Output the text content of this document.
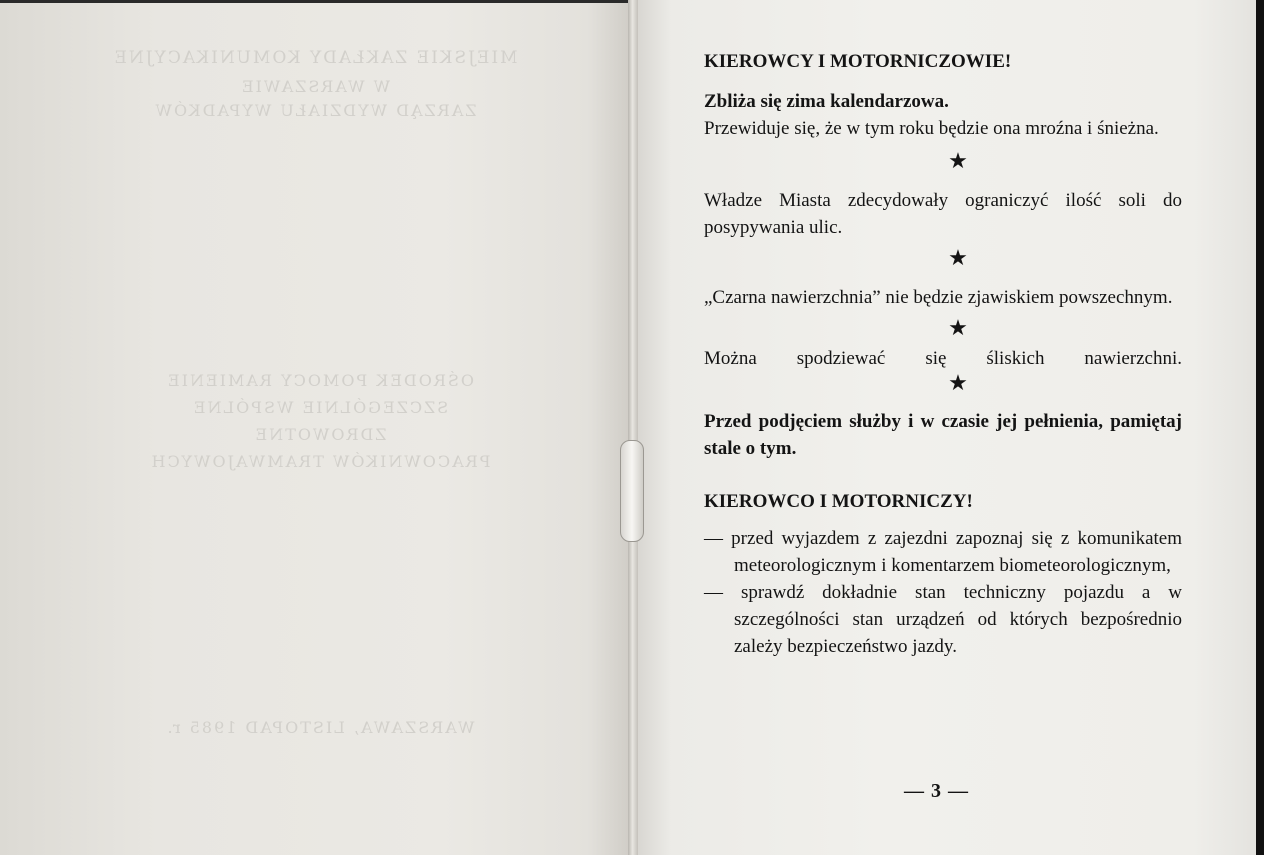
MIEJSKIE ZAKŁADY KOMUNIKACYJNE
W WARSZAWIE
ZARZĄD WYDZIAŁU WYPADKÓW
OŚRODEK POMOCY RAMIENIE
SZCZEGÓLNIE WSPÓLNE
ZDROWOTNE
PRACOWNIKÓW TRAMWAJOWYCH
WARSZAWA, LISTOPAD 1985 r.

KIEROWCY I MOTORNICZOWIE!

Zbliża się zima kalendarzowa.

Przewiduje się, że w tym roku będzie ona mroźna i śnieżna.

★

Władze Miasta zdecydowały ograniczyć ilość soli do posypywania ulic.

★

„Czarna nawierzchnia” nie będzie zjawiskiem powszechnym.

★

Można spodziewać się śliskich nawierzchni.

★

Przed podjęciem służby i w czasie jej pełnienia, pamiętaj stale o tym.

KIEROWCO I MOTORNICZY!

— przed wyjazdem z zajezdni zapoznaj się z komunikatem meteorologicznym i komentarzem biometeorologicznym,

— sprawdź dokładnie stan techniczny pojazdu a w szczególności stan urządzeń od których bezpośrednio zależy bezpieczeństwo jazdy.

— 3 —
